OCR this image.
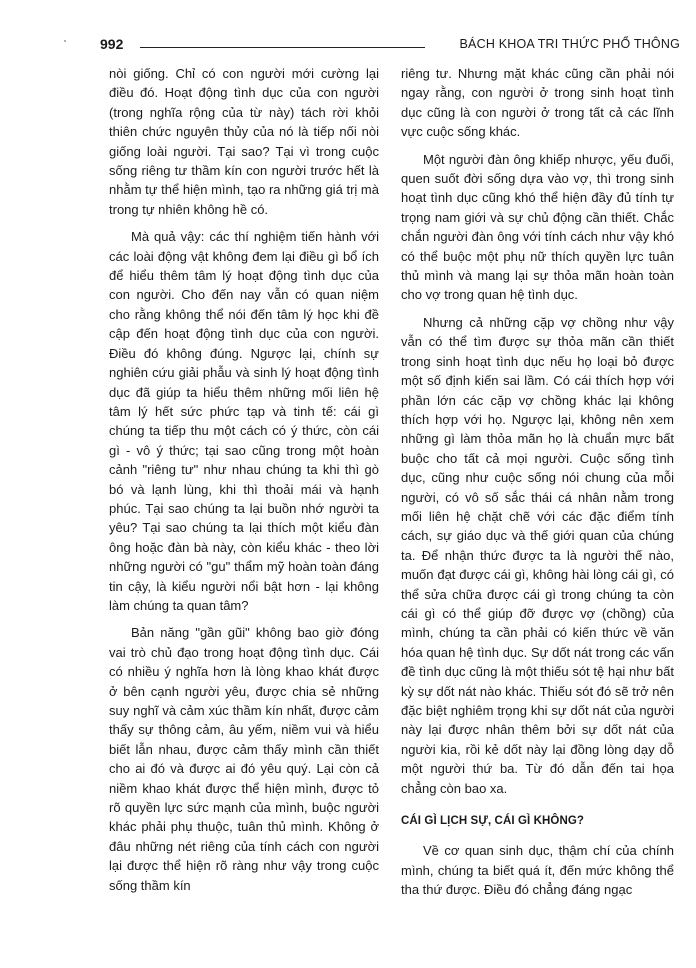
992	BÁCH KHOA TRI THỨC PHỔ THÔNG

nòi giống. Chỉ có con người mới cường lại điều đó. Hoạt động tình dục của con người (trong nghĩa rộng của từ này) tách rời khỏi thiên chức nguyên thủy của nó là tiếp nối nòi giống loài người. Tại sao? Tại vì trong cuộc sống riêng tư thầm kín con người trước hết là nhằm tự thể hiện mình, tạo ra những giá trị mà trong tự nhiên không hề có.

Mà quả vậy: các thí nghiệm tiến hành với các loài động vật không đem lại điều gì bổ ích để hiểu thêm tâm lý hoạt động tình dục của con người. Cho đến nay vẫn có quan niệm cho rằng không thể nói đến tâm lý học khi đề cập đến hoạt động tình dục của con người. Điều đó không đúng. Ngược lại, chính sự nghiên cứu giải phẫu và sinh lý hoạt động tình dục đã giúp ta hiểu thêm những mối liên hệ tâm lý hết sức phức tạp và tinh tế: cái gì chúng ta tiếp thu một cách có ý thức, còn cái gì - vô ý thức; tại sao cũng trong một hoàn cảnh "riêng tư" như nhau chúng ta khi thì gò bó và lạnh lùng, khi thì thoải mái và hạnh phúc. Tại sao chúng ta lại buồn nhớ người ta yêu? Tại sao chúng ta lại thích một kiểu đàn ông hoặc đàn bà này, còn kiểu khác - theo lời những người có "gu" thẩm mỹ hoàn toàn đáng tin cậy, là kiểu người nổi bật hơn - lại không làm chúng ta quan tâm?

Bản năng "gần gũi" không bao giờ đóng vai trò chủ đạo trong hoạt động tình dục. Cái có nhiều ý nghĩa hơn là lòng khao khát được ở bên cạnh người yêu, được chia sẻ những suy nghĩ và cảm xúc thầm kín nhất, được cảm thấy sự thông cảm, âu yếm, niềm vui và hiểu biết lẫn nhau, được cảm thấy mình cần thiết cho ai đó và được ai đó yêu quý. Lại còn cả niềm khao khát được thể hiện mình, được tỏ rõ quyền lực sức mạnh của mình, buộc người khác phải phụ thuộc, tuân thủ mình. Không ở đâu những nét riêng của tính cách con người lại được thể hiện rõ ràng như vậy trong cuộc sống thầm kín

riêng tư. Nhưng mặt khác cũng cần phải nói ngay rằng, con người ở trong sinh hoạt tình dục cũng là con người ở trong tất cả các lĩnh vực cuộc sống khác.

Một người đàn ông khiếp nhược, yếu đuối, quen suốt đời sống dựa vào vợ, thì trong sinh hoạt tình dục cũng khó thể hiện đầy đủ tính tự trọng nam giới và sự chủ động cần thiết. Chắc chắn người đàn ông với tính cách như vậy khó có thể buộc một phụ nữ thích quyền lực tuân thủ mình và mang lại sự thỏa mãn hoàn toàn cho vợ trong quan hệ tình dục.

Nhưng cả những cặp vợ chồng như vậy vẫn có thể tìm được sự thỏa mãn cần thiết trong sinh hoạt tình dục nếu họ loại bỏ được một số định kiến sai lầm. Có cái thích hợp với phần lớn các cặp vợ chồng khác lại không thích hợp với họ. Ngược lại, không nên xem những gì làm thỏa mãn họ là chuẩn mực bất buộc cho tất cả mọi người. Cuộc sống tình dục, cũng như cuộc sống nói chung của mỗi người, có vô số sắc thái cá nhân nằm trong mối liên hệ chặt chẽ với các đặc điểm tính cách, sự giáo dục và thế giới quan của chúng ta. Để nhận thức được ta là người thế nào, muốn đạt được cái gì, không hài lòng cái gì, có thể sửa chữa được cái gì trong chúng ta còn cái gì có thể giúp đỡ được vợ (chồng) của mình, chúng ta cần phải có kiến thức về văn hóa quan hệ tình dục. Sự dốt nát trong các vấn đề tình dục cũng là một thiếu sót tệ hại như bất kỳ sự dốt nát nào khác. Thiếu sót đó sẽ trở nên đặc biệt nghiêm trọng khi sự dốt nát của người này lại được nhân thêm bởi sự dốt nát của người kia, rồi kẻ dốt này lại đồng lòng dạy dỗ một người thứ ba. Từ đó dẫn đến tai họa chẳng còn bao xa.

CÁI GÌ LỊCH SỰ, CÁI GÌ KHÔNG?

Về cơ quan sinh dục, thậm chí của chính mình, chúng ta biết quá ít, đến mức không thể tha thứ được. Điều đó chẳng đáng ngạc
